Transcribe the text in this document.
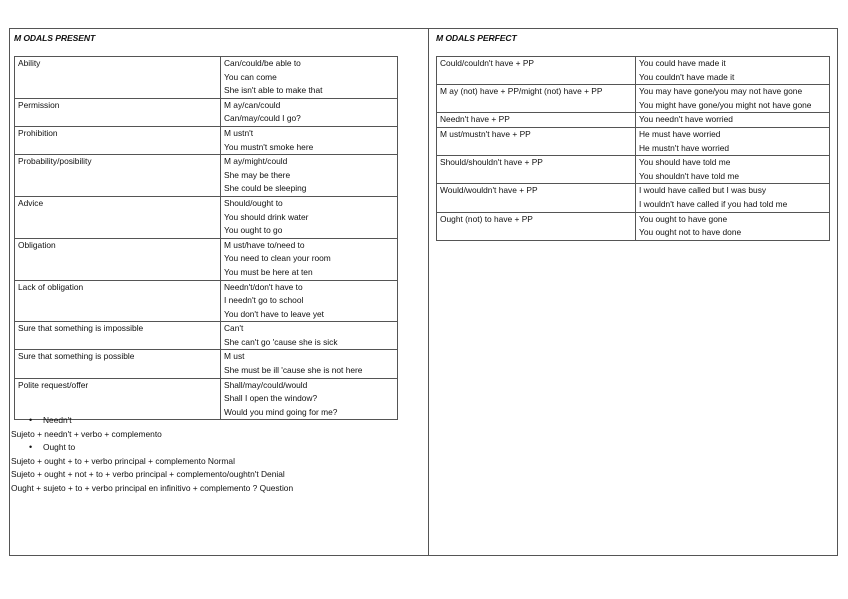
M ODALS PRESENT	M ODALS PERFECT
Ability	Can/could/be able to
You can come
She isn't able to make that

Permission	M ay/can/could
Can/may/could I go?

Prohibition	M ustn't
You mustn't smoke here

Probability/posibility	M ay/might/could
She may be there
She could be sleeping

Advice	Should/ought to
You should drink water
You ought to go

Obligation	M ust/have to/need to
You need to clean your room
You must be here at ten

Lack of obligation	Needn't/don't have to
I needn't go to school
You don't have to leave yet

Sure that something is impossible	Can't
She can't go 'cause she is sick

Sure that something is possible	M ust
She must be ill 'cause she is not here

Polite request/offer	Shall/may/could/would
Shall I open the window?
Would you mind going for me?
Could/couldn't have + PP	You could have made it
You couldn't have made it

M ay (not) have + PP/might (not) have + PP	You may have gone/you may not have gone
You might have gone/you might not have gone

Needn't have + PP	You needn't have worried

M ust/mustn't have + PP	He must have worried
He mustn't have worried

Should/shouldn't have + PP	You should have told me
You shouldn't have told me

Would/wouldn't have + PP	I would have called but I was busy
I wouldn't have called if you had told me

Ought (not) to have + PP	You ought to have gone
You ought not to have done
• Needn't
Sujeto + needn't + verbo + complemento
• Ought to
Sujeto + ought + to + verbo principal + complemento Normal
Sujeto + ought + not + to + verbo principal + complemento/oughtn't Denial
Ought + sujeto + to + verbo principal en infinitivo + complemento ? Question
